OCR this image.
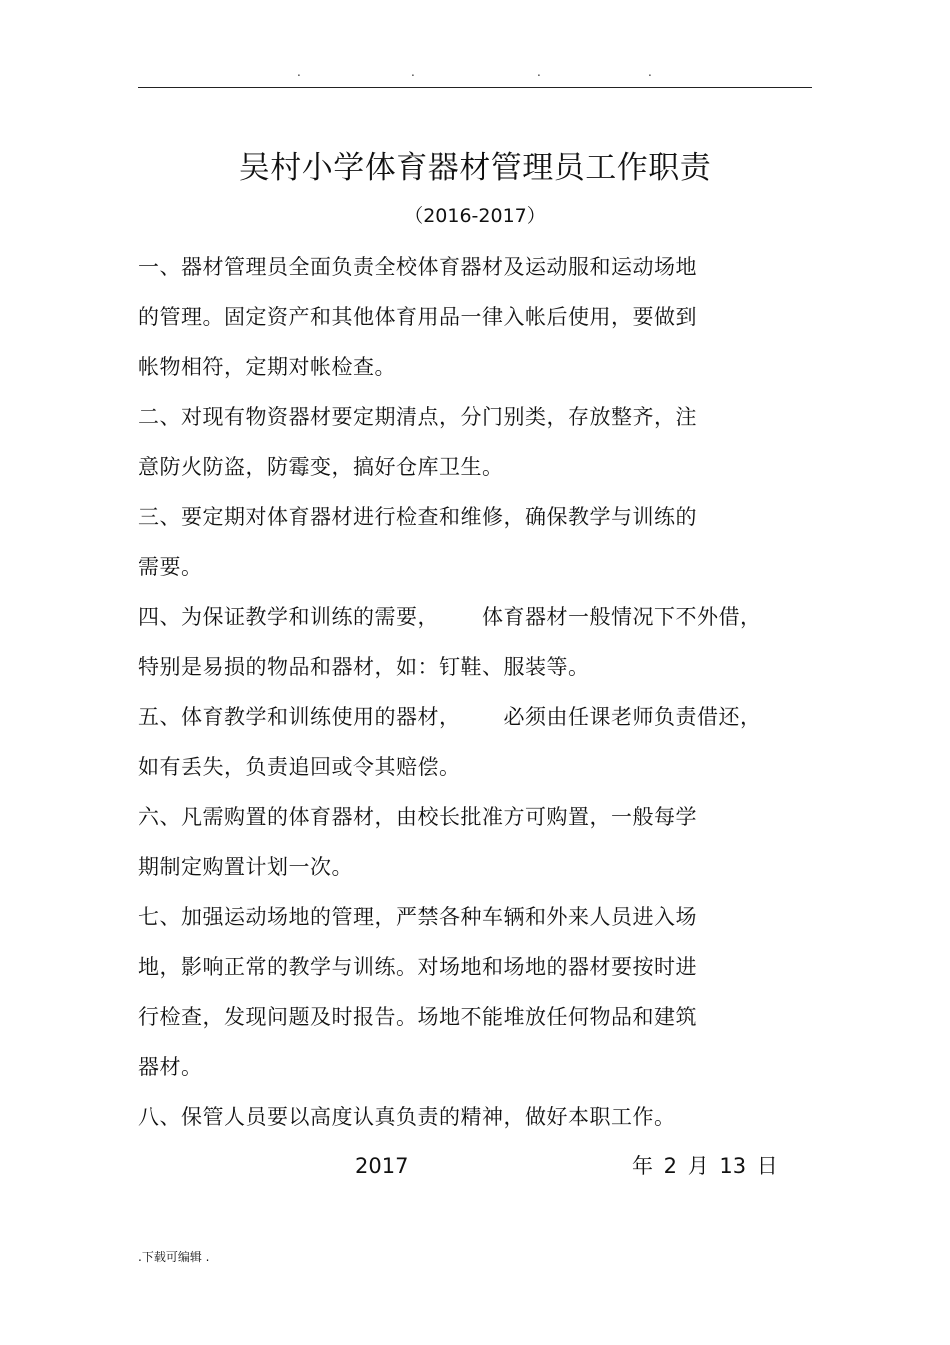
.	.	.	.
吴村小学体育器材管理员工作职责
（2016-2017）
一、器材管理员全面负责全校体育器材及运动服和运动场地
的管理。固定资产和其他体育用品一律入帐后使用，要做到
帐物相符，定期对帐检查。
二、对现有物资器材要定期清点，分门别类，存放整齐，注
意防火防盗，防霉变，搞好仓库卫生。
三、要定期对体育器材进行检查和维修，确保教学与训练的
需要。
四、为保证教学和训练的需要，      体育器材一般情况下不外借，
特别是易损的物品和器材，如：钉鞋、服装等。
五、体育教学和训练使用的器材，      必须由任课老师负责借还，
如有丢失，负责追回或令其赔偿。
六、凡需购置的体育器材，由校长批准方可购置，一般每学
期制定购置计划一次。
七、加强运动场地的管理，严禁各种车辆和外来人员进入场
地，影响正常的教学与训练。对场地和场地的器材要按时进
行检查，发现问题及时报告。场地不能堆放任何物品和建筑
器材。
八、保管人员要以高度认真负责的精神，做好本职工作。
2017	年 2 月 13 日
.下载可编辑 .
